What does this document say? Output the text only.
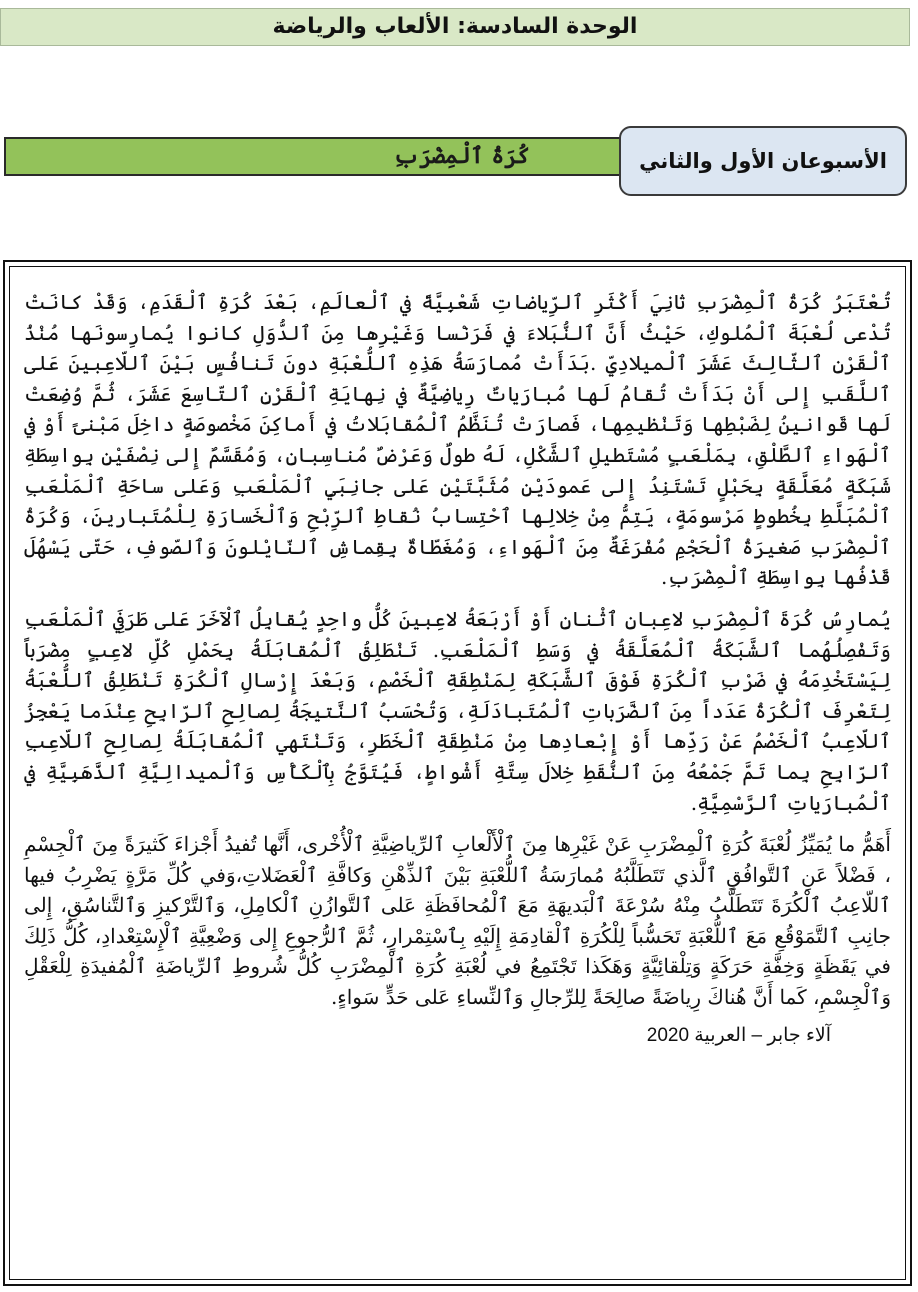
الوحدة السادسة: الألعاب والرياضة
كُرَةُ ٱلْمِضْرَبِ	الأسبوعان الأول والثاني

تُعْتَبَرُ كُرَةُ ٱلْمِضْرَبِ ثانِيَ أَكْثَرِ ٱلرِّياضاتِ شَعْبِيَّةً في ٱلْعالَمِ، بَعْدَ كُرَةِ ٱلْقَدَمِ، وَقَدْ كانَتْ تُدْعى لُعْبَةَ ٱلْمُلوكِ، حَيْثُ أَنَّ ٱلنُّبَلاءَ في فَرَنْسا وَغَيْرِها مِنَ ٱلدُّوَلِ كانوا يُمارِسونَها مُنْذُ ٱلْقَرْنِ ٱلثّالِثَ عَشَرَ ٱلْميلادِيِّ .بَدَأَتْ مُمارَسَةُ هَذِهِ ٱللُّعْبَةِ دونَ تَنافُسٍ بَيْنَ ٱللّاعِبينَ عَلى ٱللَّقَبِ إِلى أَنْ بَدَأَتْ تُقامُ لَها مُبارَياتٌ رِياضِيَّةٌ في نِهايَةِ ٱلْقَرْنِ ٱلتّاسِعَ عَشَرَ، ثُمَّ وُضِعَتْ لَها قَوانينُ لِضَبْطِها وَتَنْظيمِها، فَصارَتْ تُنَظَّمُ ٱلْمُقابَلاتُ في أَماكِنَ مَخْصوصَةٍ داخِلَ مَبْنىً أَوْ في ٱلْهَواءِ ٱلطَّلْقِ، بِمَلْعَبٍ مُسْتَطيلِ ٱلشَّكْلِ، لَهُ طولٌ وَعَرْضٌ مُناسِبانِ، وَمُقَسَّمٌ إِلى نِصْفَيْنِ بِواسِطَةِ شَبَكَةٍ مُعَلَّقَةٍ بِحَبْلٍ تَسْتَنِدُ إِلى عَمودَيْنِ مُثَبَّتَيْنِ عَلى جانِبَيِ ٱلْمَلْعَبِ وَعَلى ساحَةِ ٱلْمَلْعَبِ ٱلْمُبَلَّطِ بِخُطوطٍ مَرْسومَةٍ، يَتِمُّ مِنْ خِلالِها ٱحْتِسابُ نُقاطِ ٱلرِّبْحِ وَٱلْخَسارَةِ لِلْمُتَبارينَ، وَكُرَةُ ٱلْمِضْرَبِ صَغيرَةُ ٱلْحَجْمِ مُفْرَغَةٌ مِنَ ٱلْهَواءِ، وَمُغَطّاةٌ بِقِماشِ ٱلنّايْلونَ وَٱلصّوفِ، حَتّى يَسْهُلَ قَذْفُها بِواسِطَةِ ٱلْمِضْرَبِ.

يُمارِسُ كُرَةَ ٱلْمِضْرَبِ لاعِبانِ ٱثْنانِ أَوْ أَرْبَعَةُ لاعِبينَ كُلُّ واحِدٍ يُقابِلُ ٱلْآخَرَ عَلى طَرَفَيِ ٱلْمَلْعَبِ وَتَفْصِلُهُما ٱلشَّبَكَةُ ٱلْمُعَلَّقَةُ في وَسَطِ ٱلْمَلْعَبِ. تَنْطَلِقُ ٱلْمُقابَلَةُ بِحَمْلِ كُلِّ لاعِبٍ مِضْرَباً لِيَسْتَخْدِمَهُ في ضَرْبِ ٱلْكُرَةِ فَوْقَ ٱلشَّبَكَةِ لِمَنْطِقَةِ ٱلْخَصْمِ، وَبَعْدَ إِرْسالِ ٱلْكُرَةِ تَنْطَلِقُ ٱللُّعْبَةُ لِتَعْرِفَ ٱلْكُرَةُ عَدَداً مِنَ ٱلضَّرَباتِ ٱلْمُتَبادَلَةِ، وَتُحْسَبُ ٱلنَّتيجَةُ لِصالِحِ ٱلرّابِحِ عِنْدَما يَعْجِزُ ٱللّاعِبُ ٱلْخَصْمُ عَنْ رَدِّها أَوْ إِبْعادِها مِنْ مَنْطِقَةِ ٱلْخَطَرِ، وَتَنْتَهي ٱلْمُقابَلَةُ لِصالِحِ ٱللّاعِبِ ٱلرّابِحِ بِما تَمَّ جَمْعُهُ مِنَ ٱلنُّقَطِ خِلالَ سِتَّةِ أَشْواطٍ، فَيُتَوَّجُ بِٱلْكَأْسِ وَٱلْميدالِيَّةِ ٱلذَّهَبِيَّةِ في ٱلْمُبارَياتِ ٱلرَّسْمِيَّةِ.

أَهَمُّ ما يُمَيِّزُ لُعْبَةَ كُرَةِ ٱلْمِضْرَبِ عَنْ غَيْرِها مِنَ ٱلْأَلْعابِ ٱلرِّياضِيَّةِ ٱلْأُخْرى، أَنَّها تُفيدُ أَجْزاءَ كَثيرَةً مِنَ ٱلْجِسْمِ ، فَضْلاً عَنِ ٱلتَّوافُقِ ٱلَّذي تَتَطَلَّبُهُ مُمارَسَةُ ٱللُّعْبَةِ بَيْنَ ٱلذِّهْنِ وَكافَّةِ ٱلْعَضَلاتِ،وَفي كُلِّ مَرَّةٍ يَضْرِبُ فيها ٱللّاعِبُ ٱلْكُرَةَ تَتَطَلَّبُ مِنْهُ سُرْعَةَ ٱلْبَديهَةِ مَعَ ٱلْمُحافَظَةِ عَلى ٱلتَّوازُنِ ٱلْكامِلِ، وَٱلتَّرْكيزِ وَٱلتَّناسُقِ، إِلى جانِبِ ٱلتَّمَوْقُعِ مَعَ ٱللُّعْبَةِ تَحَسُّباً لِلْكُرَةِ ٱلْقادِمَةِ إِلَيْهِ بِٱسْتِمْرارٍ، ثُمَّ ٱلرُّجوعِ إِلى وَضْعِيَّةِ ٱلْإِسْتِعْدادِ، كُلُّ ذَلِكَ في يَقَظَةٍ وَخِفَّةِ حَرَكَةٍ وَتِلْقائِيَّةٍ وَهَكَذا تَجْتَمِعُ في لُعْبَةِ كُرَةِ ٱلْمِضْرَبِ كُلُّ شُروطِ ٱلرِّياضَةِ ٱلْمُفيدَةِ لِلْعَقْلِ وَٱلْجِسْمِ، كَما أَنَّ هُناكَ رِياضَةً صالِحَةً لِلرِّجالِ وَٱلنِّساءِ عَلى حَدٍّ سَواءٍ.

آلاء جابر – العربية 2020
